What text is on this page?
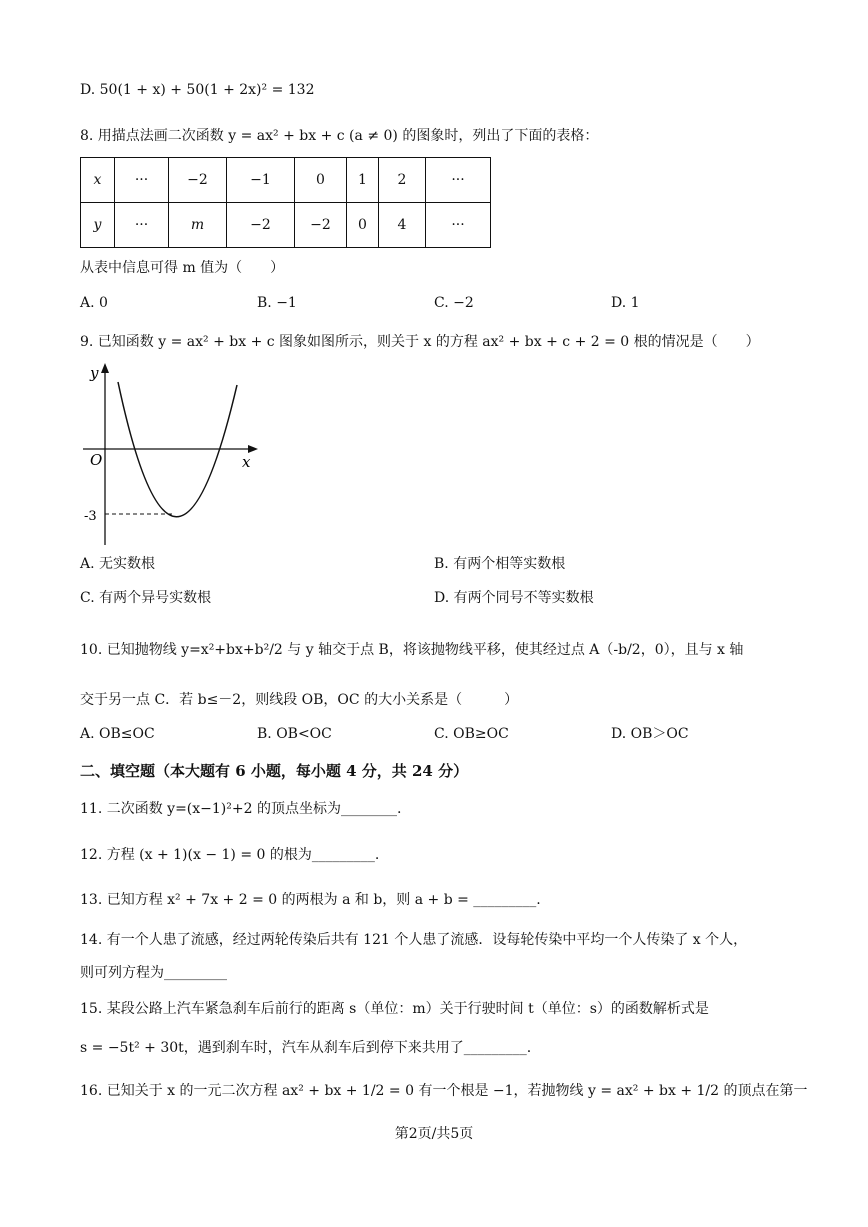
D. 50(1 + x) + 50(1 + 2x)² = 132
8. 用描点法画二次函数 y = ax² + bx + c (a ≠ 0) 的图象时，列出了下面的表格：
x	···	−2	−1	0	1	2	···
y	···	m	−2	−2	0	4	···
从表中信息可得 m 值为（　　）
A. 0	B. −1	C. −2	D. 1
9. 已知函数 y = ax² + bx + c 图象如图所示，则关于 x 的方程 ax² + bx + c + 2 = 0 根的情况是（　　）
y
x
O
-3
A. 无实数根	B. 有两个相等实数根
C. 有两个异号实数根	D. 有两个同号不等实数根
10. 已知抛物线 y=x²+bx+b²/2 与 y 轴交于点 B，将该抛物线平移，使其经过点 A（-b/2，0），且与 x 轴
交于另一点 C．若 b≤－2，则线段 OB，OC 的大小关系是（　　　）
A. OB≤OC	B. OB<OC	C. OB≥OC	D. OB＞OC
二、填空题（本大题有 6 小题，每小题 4 分，共 24 分）
11. 二次函数 y=(x−1)²+2 的顶点坐标为________.
12. 方程 (x + 1)(x − 1) = 0 的根为_________.
13. 已知方程 x² + 7x + 2 = 0 的两根为 a 和 b，则 a + b = _________.
14. 有一个人患了流感，经过两轮传染后共有 121 个人患了流感．设每轮传染中平均一个人传染了 x 个人，
则可列方程为_________
15. 某段公路上汽车紧急刹车后前行的距离 s（单位：m）关于行驶时间 t（单位：s）的函数解析式是
s = −5t² + 30t，遇到刹车时，汽车从刹车后到停下来共用了_________.
16. 已知关于 x 的一元二次方程 ax² + bx + 1/2 = 0 有一个根是 −1，若抛物线 y = ax² + bx + 1/2 的顶点在第一
第2页/共5页
